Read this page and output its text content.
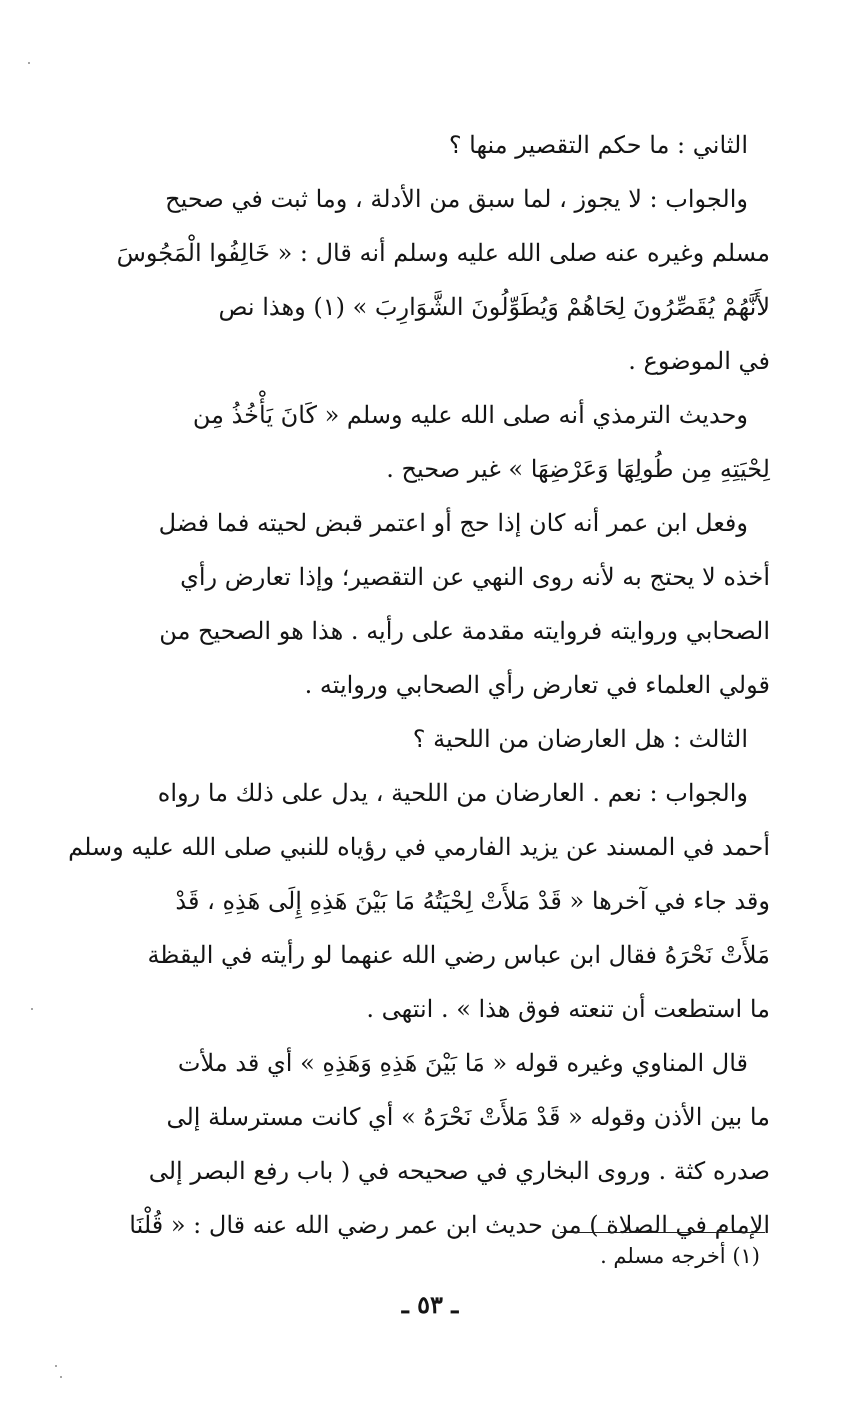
الثاني : ما حكم التقصير منها ؟
والجواب : لا يجوز ، لما سبق من الأدلة ، وما ثبت في صحيح
مسلم وغيره عنه صلى الله عليه وسلم أنه قال : « خَالِفُوا الْمَجُوسَ
لأَنَّهُمْ يُقَصِّرُونَ لِحَاهُمْ وَيُطَوِّلُونَ الشَّوَارِبَ » (١) وهذا نص
في الموضوع .
وحديث الترمذي أنه صلى الله عليه وسلم « كَانَ يَأْخُذُ مِن
لِحْيَتِهِ مِن طُولِهَا وَعَرْضِهَا » غير صحيح .
وفعل ابن عمر أنه كان إذا حج أو اعتمر قبض لحيته فما فضل
أخذه لا يحتج به لأنه روى النهي عن التقصير؛ وإذا تعارض رأي
الصحابي وروايته فروايته مقدمة على رأيه . هذا هو الصحيح من
قولي العلماء في تعارض رأي الصحابي وروايته .
الثالث : هل العارضان من اللحية ؟
والجواب : نعم . العارضان من اللحية ، يدل على ذلك ما رواه
أحمد في المسند عن يزيد الفارمي في رؤياه للنبي صلى الله عليه وسلم
وقد جاء في آخرها « قَدْ مَلأَتْ لِحْيَتُهُ مَا بَيْنَ هَذِهِ إِلَى هَذِهِ ، قَدْ
مَلأَتْ نَحْرَهُ فقال ابن عباس رضي الله عنهما لو رأيته في اليقظة
ما استطعت أن تنعته فوق هذا » . انتهى .
قال المناوي وغيره قوله « مَا بَيْنَ هَذِهِ وَهَذِهِ » أي قد ملأت
ما بين الأذن وقوله « قَدْ مَلأَتْ نَحْرَهُ » أي كانت مسترسلة إلى
صدره كثة . وروى البخاري في صحيحه في ( باب رفع البصر إلى
الإمام في الصلاة ) من حديث ابن عمر رضي الله عنه قال : « قُلْنَا
(١) أخرجه مسلم .
ـ ٥٣ ـ
